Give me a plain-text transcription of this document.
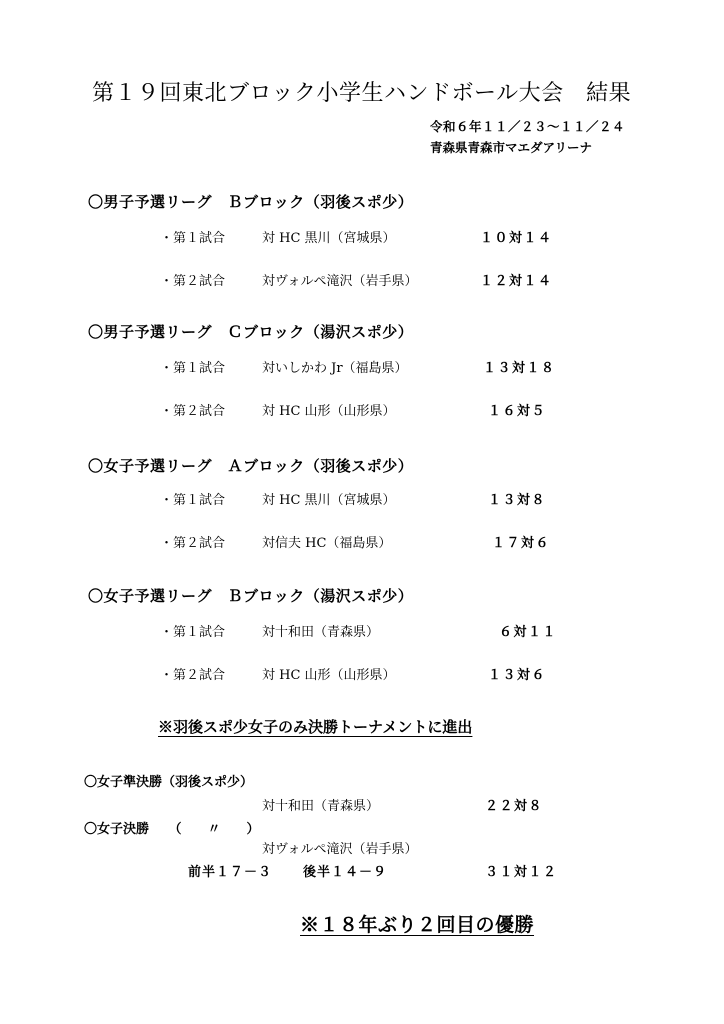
第１９回東北ブロック小学生ハンドボール大会　結果
令和６年１１／２３～１１／２４
青森県青森市マエダアリーナ
〇男子予選リーグ　Ｂブロック（羽後スポ少）
・第１試合	対 HC 黒川（宮城県）	１０対１４
・第２試合	対ヴォルペ滝沢（岩手県）	１２対１４
〇男子予選リーグ　Ｃブロック（湯沢スポ少）
・第１試合	対いしかわ Jr（福島県）	１３対１８
・第２試合	対 HC 山形（山形県）	１６対５
〇女子予選リーグ　Ａブロック（羽後スポ少）
・第１試合	対 HC 黒川（宮城県）	１３対８
・第２試合	対信夫 HC（福島県）	１７対６
〇女子予選リーグ　Ｂブロック（湯沢スポ少）
・第１試合	対十和田（青森県）	６対１１
・第２試合	対 HC 山形（山形県）	１３対６
※羽後スポ少女子のみ決勝トーナメントに進出
〇女子準決勝（羽後スポ少）
対十和田（青森県）	２２対８
〇女子決勝　　（　　〃　　）
対ヴォルペ滝沢（岩手県）
前半１７－３ 後半１４－９	３１対１２
※１８年ぶり２回目の優勝
